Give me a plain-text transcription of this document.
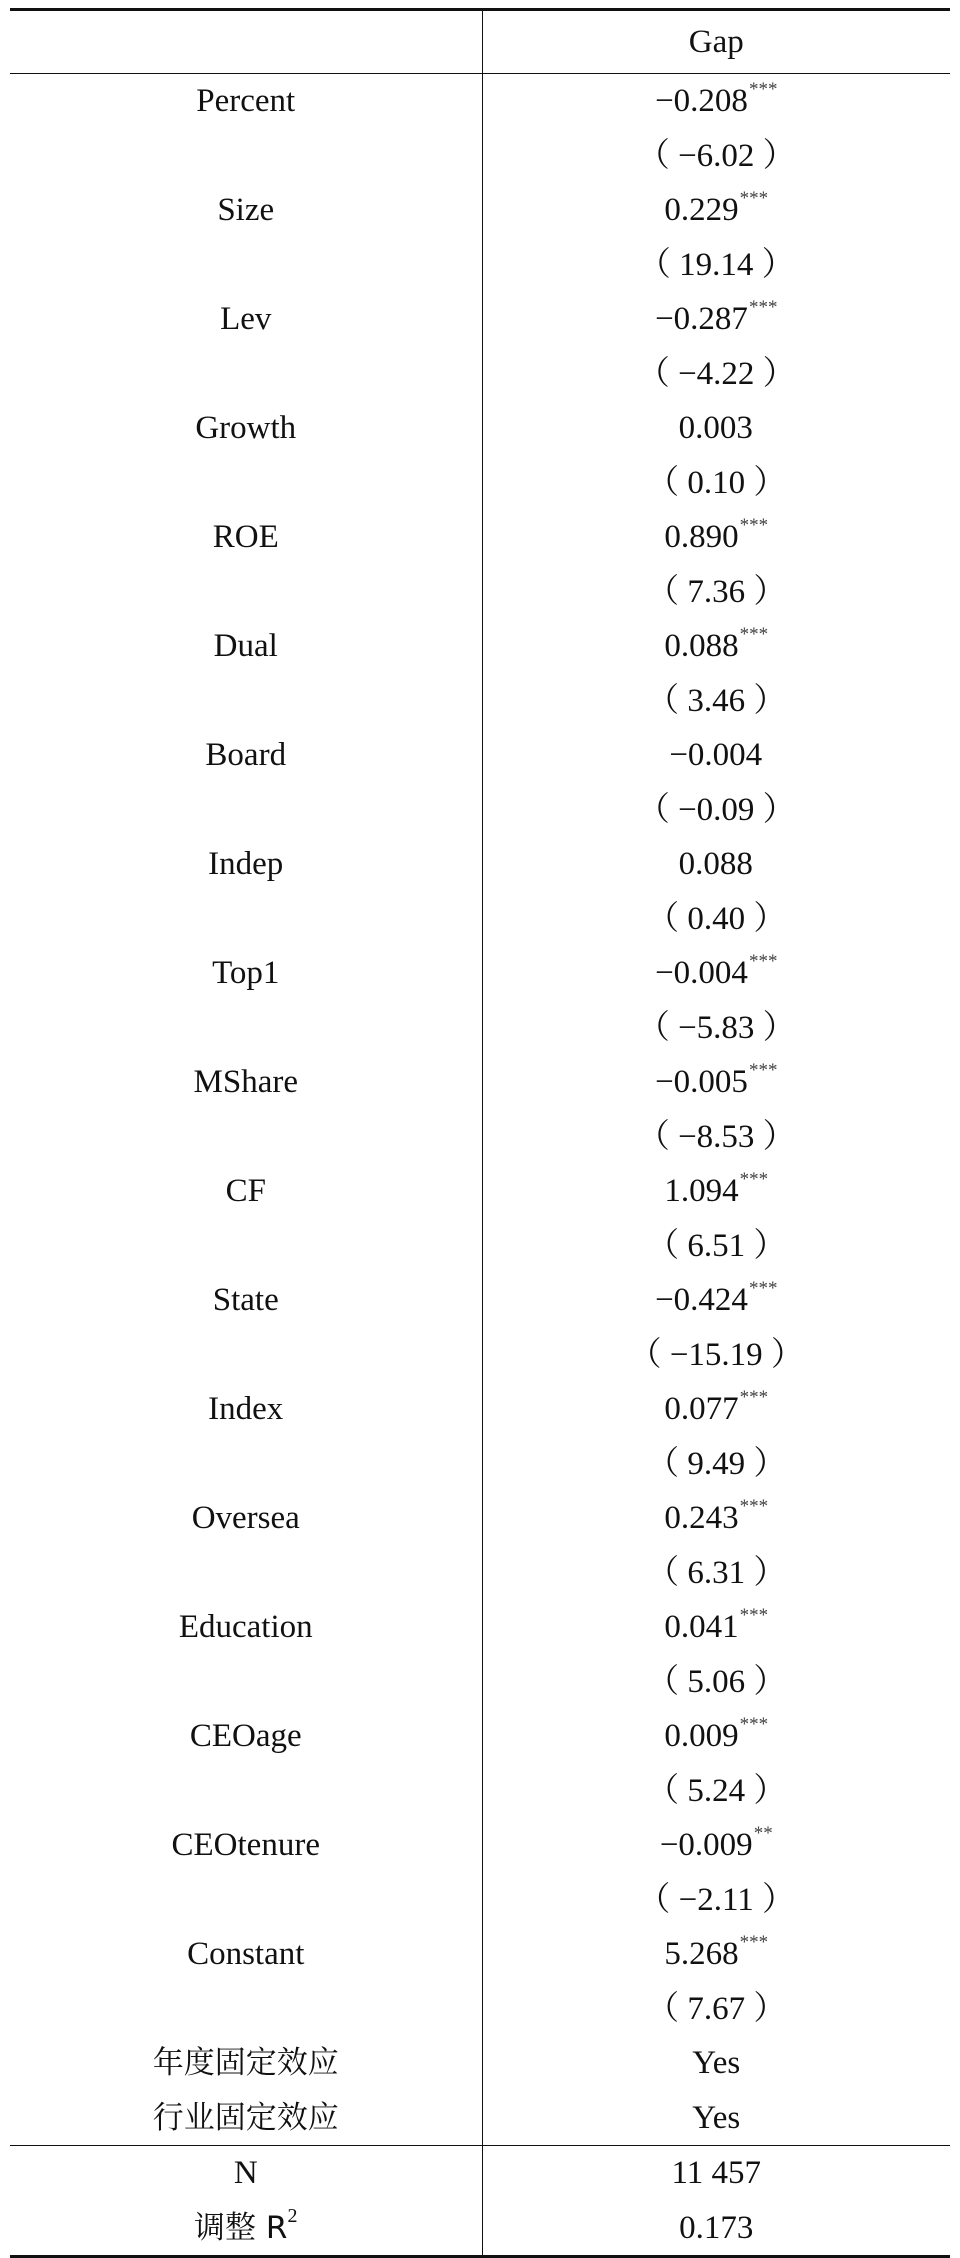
	Gap
Percent	−0.208***
	（ −6.02 ）
Size	0.229***
	（ 19.14 ）
Lev	−0.287***
	（ −4.22 ）
Growth	0.003
	（ 0.10 ）
ROE	0.890***
	（ 7.36 ）
Dual	0.088***
	（ 3.46 ）
Board	−0.004
	（ −0.09 ）
Indep	0.088
	（ 0.40 ）
Top1	−0.004***
	（ −5.83 ）
MShare	−0.005***
	（ −8.53 ）
CF	1.094***
	（ 6.51 ）
State	−0.424***
	（ −15.19 ）
Index	0.077***
	（ 9.49 ）
Oversea	0.243***
	（ 6.31 ）
Education	0.041***
	（ 5.06 ）
CEOage	0.009***
	（ 5.24 ）
CEOtenure	−0.009**
	（ −2.11 ）
Constant	5.268***
	（ 7.67 ）
年度固定效应	Yes
行业固定效应	Yes
N	11 457
调整 $R^2$	0.173
